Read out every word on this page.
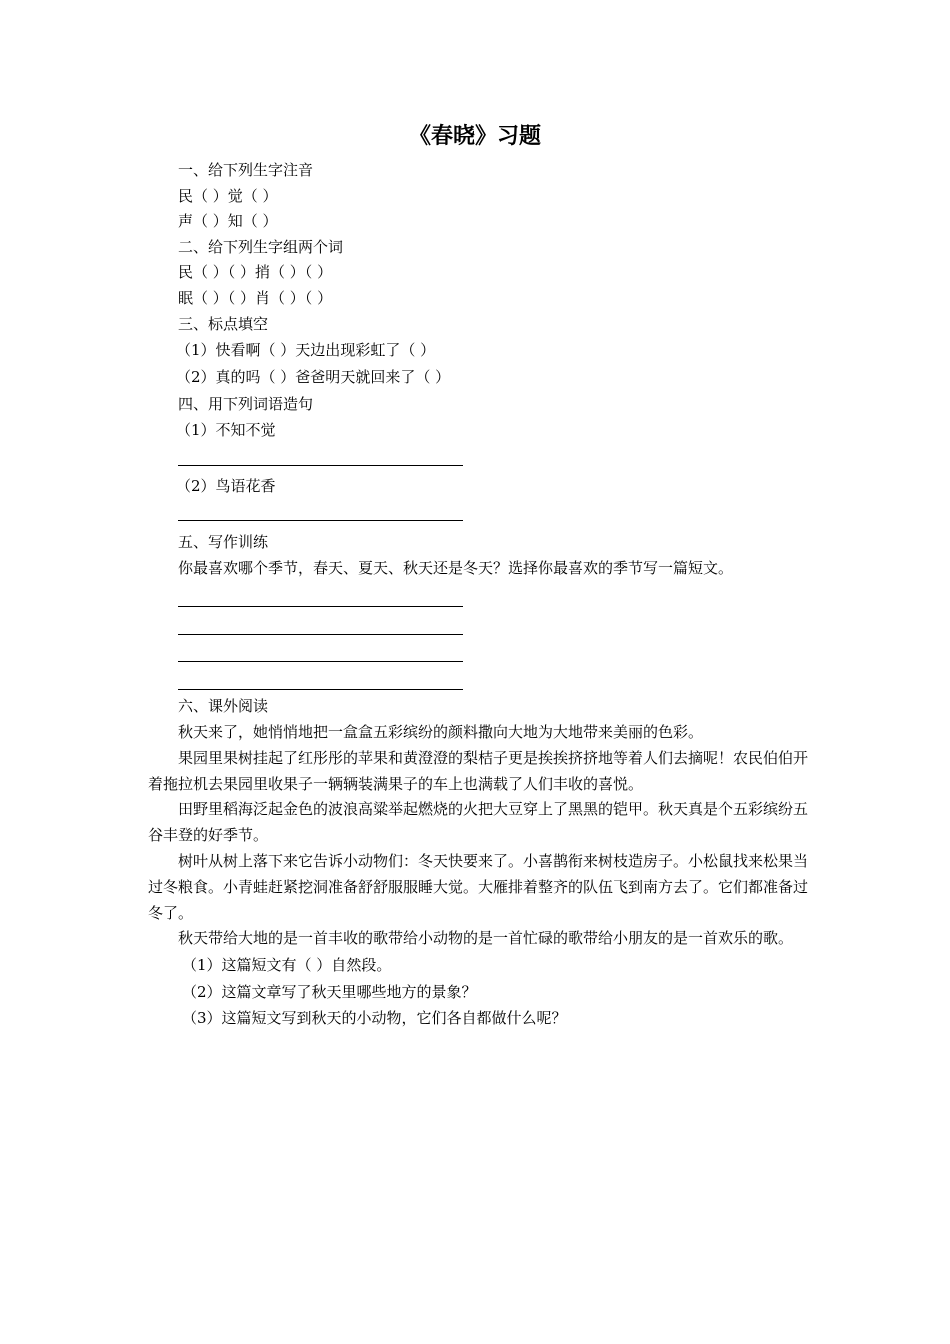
《春晓》习题
一、给下列生字注音
民（ ）觉（ ）
声（ ）知（ ）
二、给下列生字组两个词
民（ ）（ ）捎（ ）（ ）
眠（ ）（ ）肖（ ）（ ）
三、标点填空
（1）快看啊（ ）天边出现彩虹了（ ）
（2）真的吗（ ）爸爸明天就回来了（ ）
四、用下列词语造句
（1）不知不觉
（2）鸟语花香
五、写作训练
你最喜欢哪个季节，春天、夏天、秋天还是冬天？选择你最喜欢的季节写一篇短文。
六、课外阅读
秋天来了，她悄悄地把一盒盒五彩缤纷的颜料撒向大地为大地带来美丽的色彩。
果园里果树挂起了红彤彤的苹果和黄澄澄的梨桔子更是挨挨挤挤地等着人们去摘呢！农民伯伯开着拖拉机去果园里收果子一辆辆装满果子的车上也满载了人们丰收的喜悦。
田野里稻海泛起金色的波浪高粱举起燃烧的火把大豆穿上了黑黑的铠甲。秋天真是个五彩缤纷五谷丰登的好季节。
树叶从树上落下来它告诉小动物们：冬天快要来了。小喜鹊衔来树枝造房子。小松鼠找来松果当过冬粮食。小青蛙赶紧挖洞准备舒舒服服睡大觉。大雁排着整齐的队伍飞到南方去了。它们都准备过冬了。
秋天带给大地的是一首丰收的歌带给小动物的是一首忙碌的歌带给小朋友的是一首欢乐的歌。
（1）这篇短文有（ ）自然段。
（2）这篇文章写了秋天里哪些地方的景象？
（3）这篇短文写到秋天的小动物，它们各自都做什么呢？
